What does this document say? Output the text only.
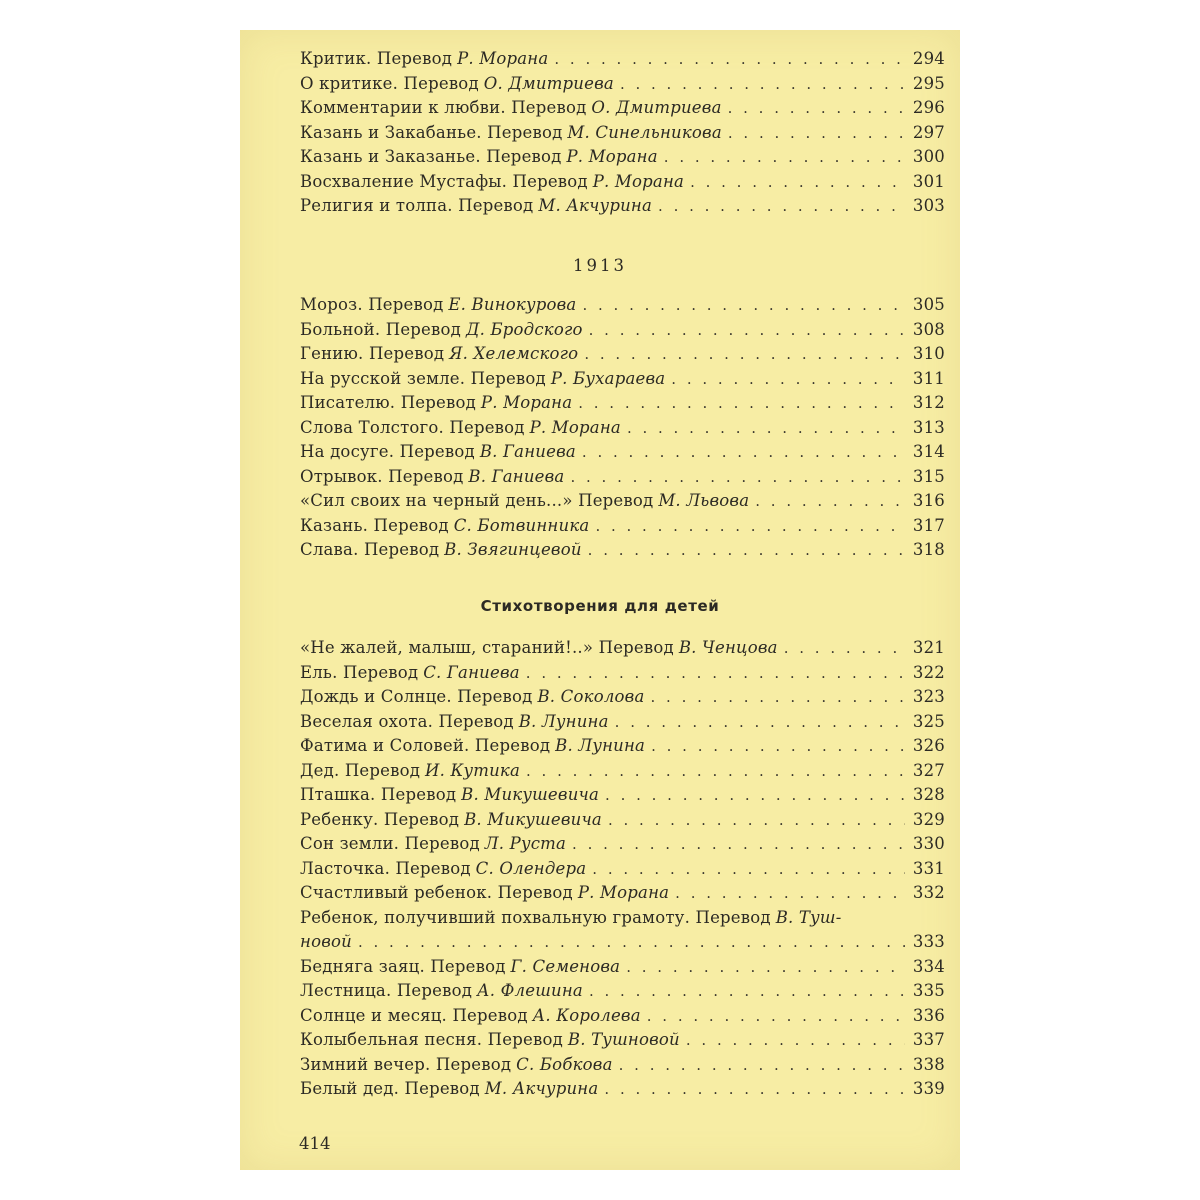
Критик. Перевод Р. Морана . . .	294
О критике. Перевод О. Дмитриева . . .	295
Комментарии к любви. Перевод О. Дмитриева . . .	296
Казань и Закабанье. Перевод М. Синельникова . . .	297
Казань и Заказанье. Перевод Р. Морана . . .	300
Восхваление Мустафы. Перевод Р. Морана . . .	301
Религия и толпа. Перевод М. Акчурина . . .	303
1913
Мороз. Перевод Е. Винокурова . . .	305
Больной. Перевод Д. Бродского . . .	308
Гению. Перевод Я. Хелемского . . .	310
На русской земле. Перевод Р. Бухараева . . .	311
Писателю. Перевод Р. Морана . . .	312
Слова Толстого. Перевод Р. Морана . . .	313
На досуге. Перевод В. Ганиева . . .	314
Отрывок. Перевод В. Ганиева . . .	315
«Сил своих на черный день...» Перевод М. Львова . . .	316
Казань. Перевод С. Ботвинника . . .	317
Слава. Перевод В. Звягинцевой . . .	318
Стихотворения для детей
«Не жалей, малыш, стараний!..» Перевод В. Ченцова . . .	321
Ель. Перевод С. Ганиева . . .	322
Дождь и Солнце. Перевод В. Соколова . . .	323
Веселая охота. Перевод В. Лунина . . .	325
Фатима и Соловей. Перевод В. Лунина . . .	326
Дед. Перевод И. Кутика . . .	327
Пташка. Перевод В. Микушевича . . .	328
Ребенку. Перевод В. Микушевича . . .	329
Сон земли. Перевод Л. Руста . . .	330
Ласточка. Перевод С. Олендера . . .	331
Счастливый ребенок. Перевод Р. Морана . . .	332
Ребенок, получивший похвальную грамоту. Перевод В. Туш-
новой . . .	333
Бедняга заяц. Перевод Г. Семенова . . .	334
Лестница. Перевод А. Флешина . . .	335
Солнце и месяц. Перевод А. Королева . . .	336
Колыбельная песня. Перевод В. Тушновой . . .	337
Зимний вечер. Перевод С. Бобкова . . .	338
Белый дед. Перевод М. Акчурина . . .	339
414
